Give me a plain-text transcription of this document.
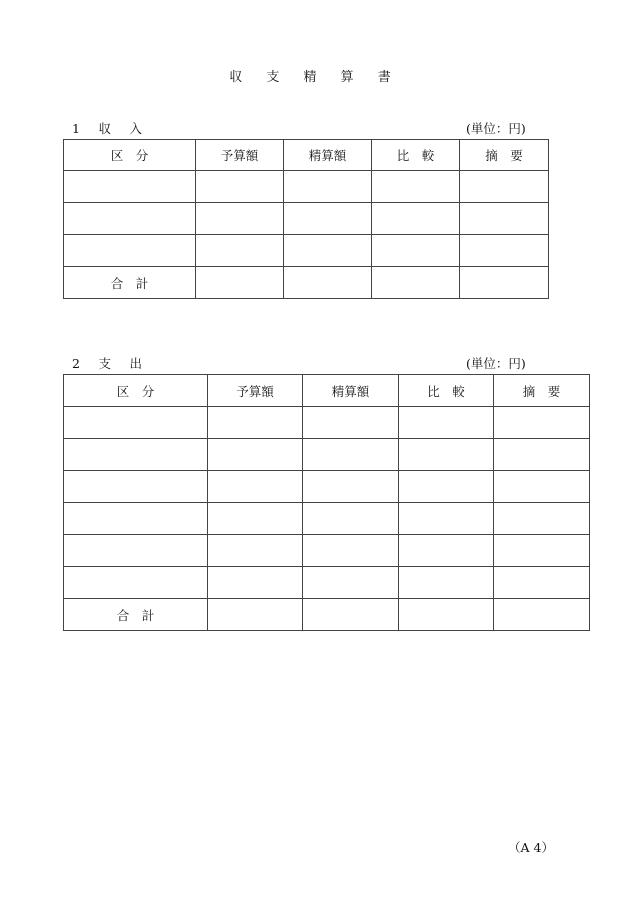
収 支 精 算 書
1　収　入	(単位：円)
区　分	予算額	精算額	比　較	摘　要

合　計				
2　支　出	(単位：円)
区　分	予算額	精算額	比　較	摘　要

合　計				
（A 4）
